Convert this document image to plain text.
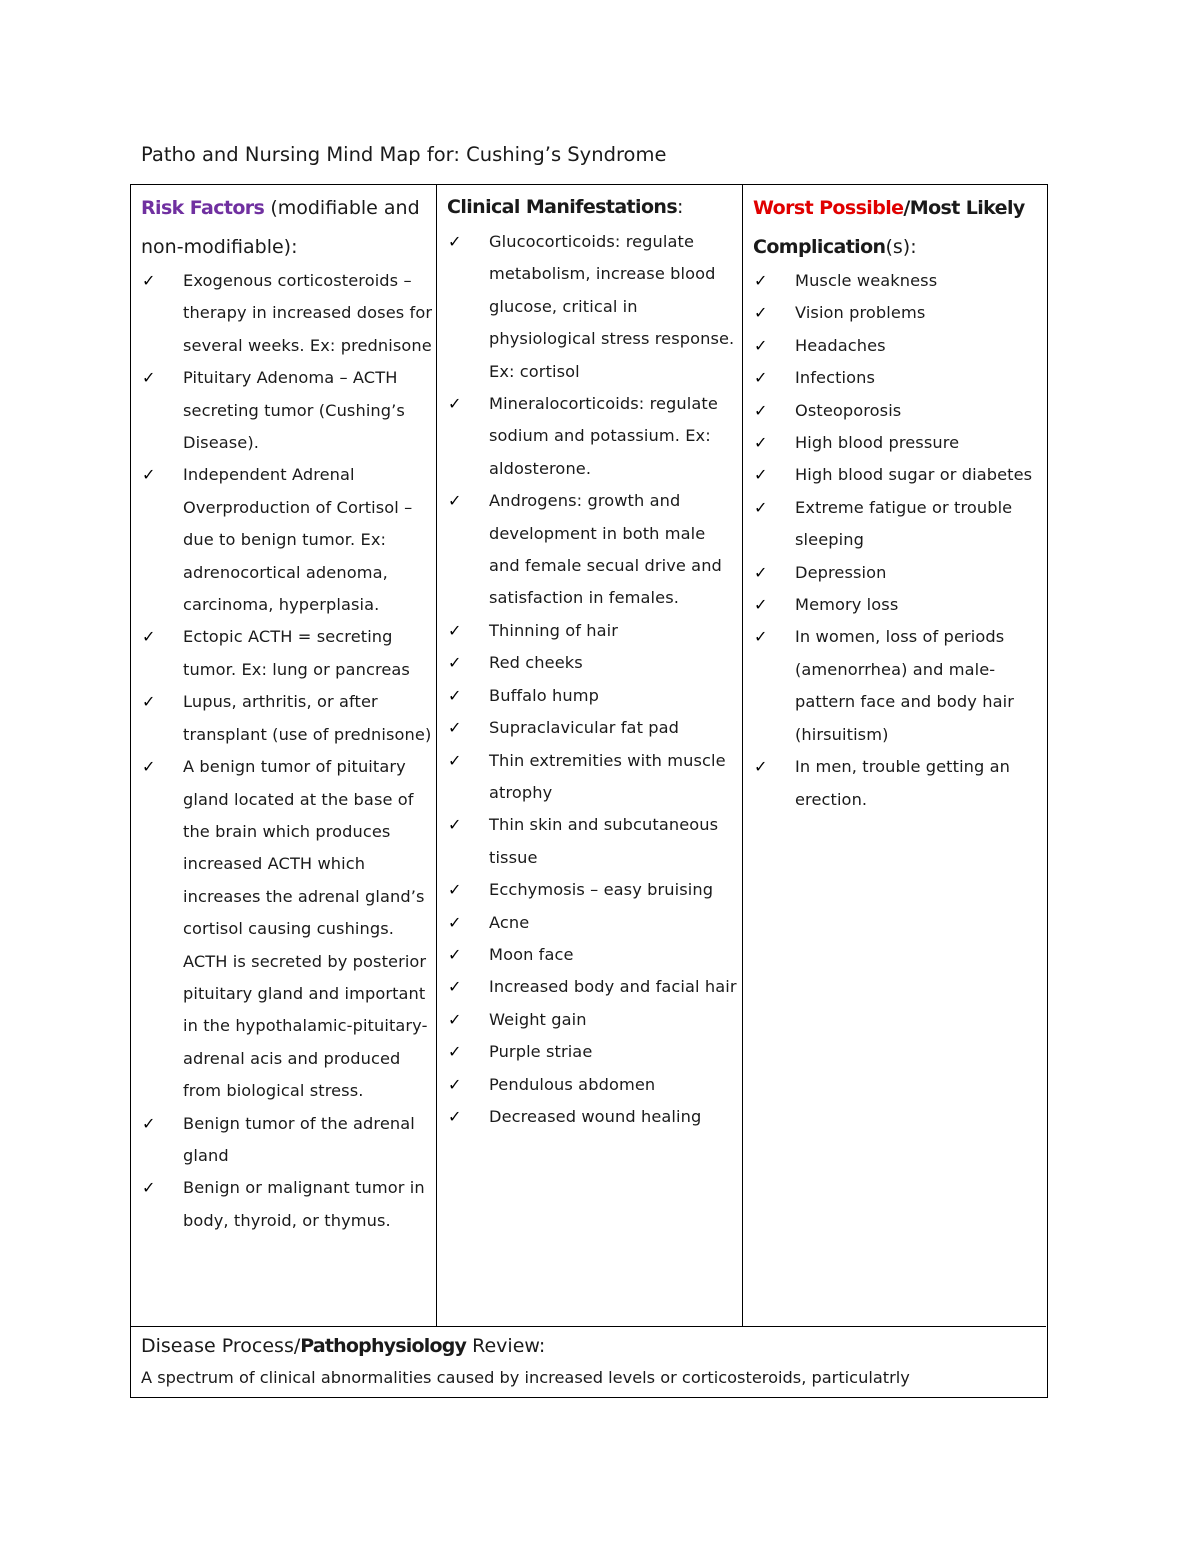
Patho and Nursing Mind Map for: Cushing’s Syndrome
Risk Factors (modifiable and non-modifiable):
✓ Exogenous corticosteroids – therapy in increased doses for several weeks. Ex: prednisone
✓ Pituitary Adenoma – ACTH secreting tumor (Cushing’s Disease).
✓ Independent Adrenal Overproduction of Cortisol – due to benign tumor. Ex: adrenocortical adenoma, carcinoma, hyperplasia.
✓ Ectopic ACTH = secreting tumor. Ex: lung or pancreas
✓ Lupus, arthritis, or after transplant (use of prednisone)
✓ A benign tumor of pituitary gland located at the base of the brain which produces increased ACTH which increases the adrenal gland’s cortisol causing cushings. ACTH is secreted by posterior pituitary gland and important in the hypothalamic-pituitary-adrenal acis and produced from biological stress.
✓ Benign tumor of the adrenal gland
✓ Benign or malignant tumor in body, thyroid, or thymus.
Clinical Manifestations:
✓ Glucocorticoids: regulate metabolism, increase blood glucose, critical in physiological stress response. Ex: cortisol
✓ Mineralocorticoids: regulate sodium and potassium. Ex: aldosterone.
✓ Androgens: growth and development in both male and female secual drive and satisfaction in females.
✓ Thinning of hair
✓ Red cheeks
✓ Buffalo hump
✓ Supraclavicular fat pad
✓ Thin extremities with muscle atrophy
✓ Thin skin and subcutaneous tissue
✓ Ecchymosis – easy bruising
✓ Acne
✓ Moon face
✓ Increased body and facial hair
✓ Weight gain
✓ Purple striae
✓ Pendulous abdomen
✓ Decreased wound healing
Worst Possible/Most Likely
Complication(s):
✓ Muscle weakness
✓ Vision problems
✓ Headaches
✓ Infections
✓ Osteoporosis
✓ High blood pressure
✓ High blood sugar or diabetes
✓ Extreme fatigue or trouble sleeping
✓ Depression
✓ Memory loss
✓ In women, loss of periods (amenorrhea) and male-pattern face and body hair (hirsuitism)
✓ In men, trouble getting an erection.
Disease Process/Pathophysiology Review:
A spectrum of clinical abnormalities caused by increased levels or corticosteroids, particulatrly
